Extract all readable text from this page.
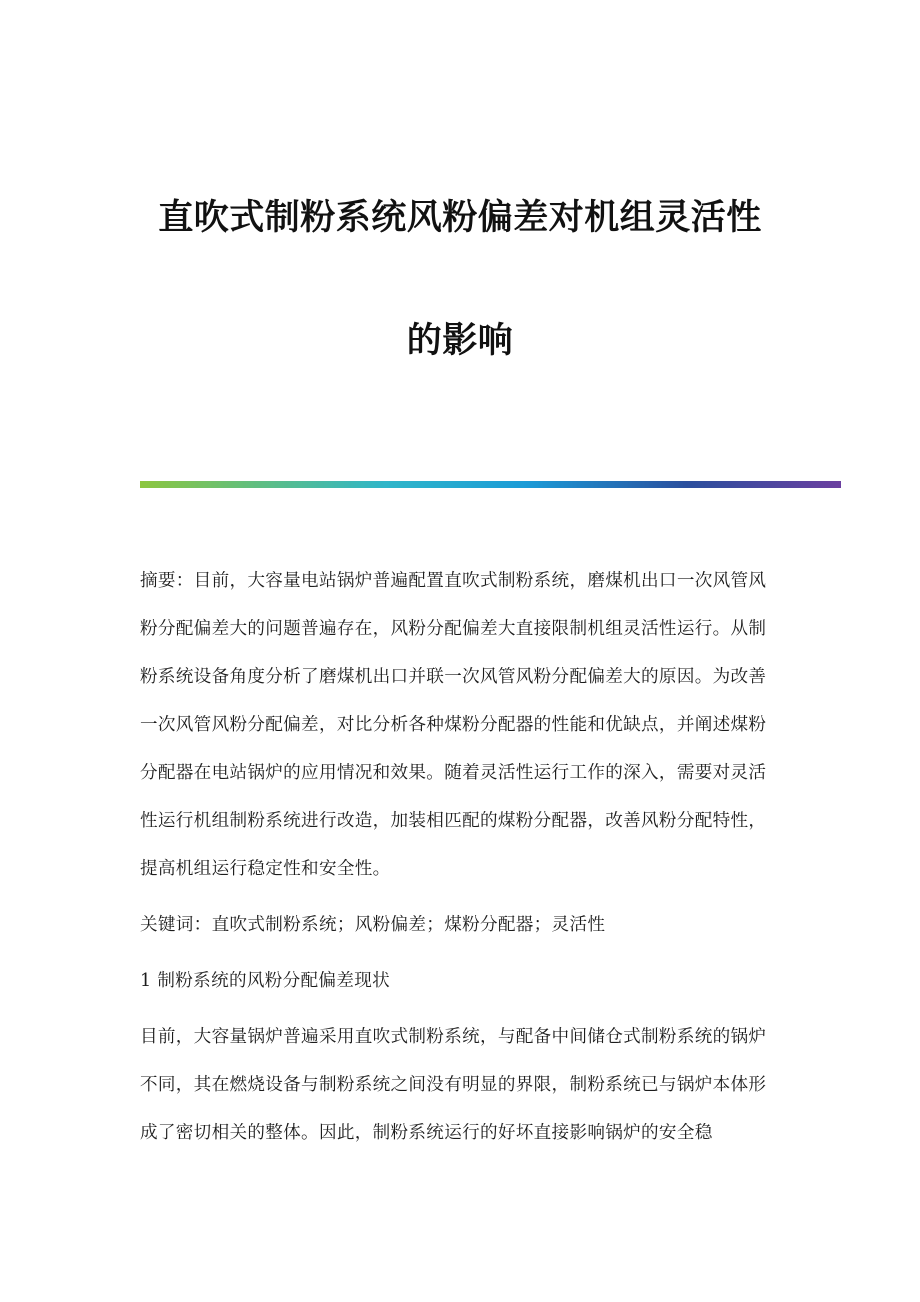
直吹式制粉系统风粉偏差对机组灵活性
的影响

摘要：目前，大容量电站锅炉普遍配置直吹式制粉系统，磨煤机出口一次风管风粉分配偏差大的问题普遍存在，风粉分配偏差大直接限制机组灵活性运行。从制粉系统设备角度分析了磨煤机出口并联一次风管风粉分配偏差大的原因。为改善一次风管风粉分配偏差，对比分析各种煤粉分配器的性能和优缺点，并阐述煤粉分配器在电站锅炉的应用情况和效果。随着灵活性运行工作的深入，需要对灵活性运行机组制粉系统进行改造，加装相匹配的煤粉分配器，改善风粉分配特性，提高机组运行稳定性和安全性。

关键词：直吹式制粉系统；风粉偏差；煤粉分配器；灵活性

1 制粉系统的风粉分配偏差现状

目前，大容量锅炉普遍采用直吹式制粉系统，与配备中间储仓式制粉系统的锅炉不同，其在燃烧设备与制粉系统之间没有明显的界限，制粉系统已与锅炉本体形成了密切相关的整体。因此，制粉系统运行的好坏直接影响锅炉的安全稳
